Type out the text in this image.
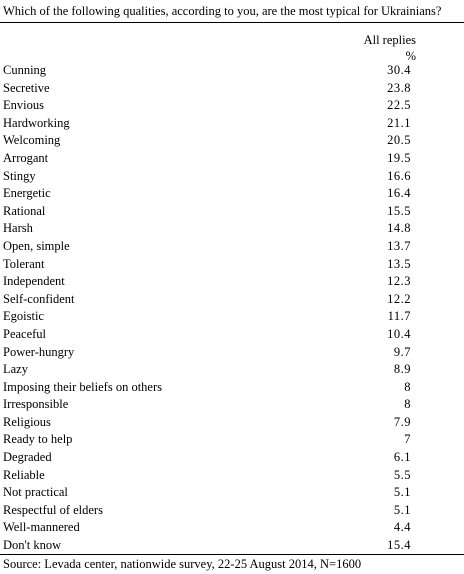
Which of the following qualities, according to you, are the most typical for Ukrainians?
All replies
%
Cunning	30.4
Secretive	23.8
Envious	22.5
Hardworking	21.1
Welcoming	20.5
Arrogant	19.5
Stingy	16.6
Energetic	16.4
Rational	15.5
Harsh	14.8
Open, simple	13.7
Tolerant	13.5
Independent	12.3
Self-confident	12.2
Egoistic	11.7
Peaceful	10.4
Power-hungry	9.7
Lazy	8.9
Imposing their beliefs on others	8
Irresponsible	8
Religious	7.9
Ready to help	7
Degraded	6.1
Reliable	5.5
Not practical	5.1
Respectful of elders	5.1
Well-mannered	4.4
Don't know	15.4
Source: Levada center, nationwide survey, 22-25 August 2014, N=1600
